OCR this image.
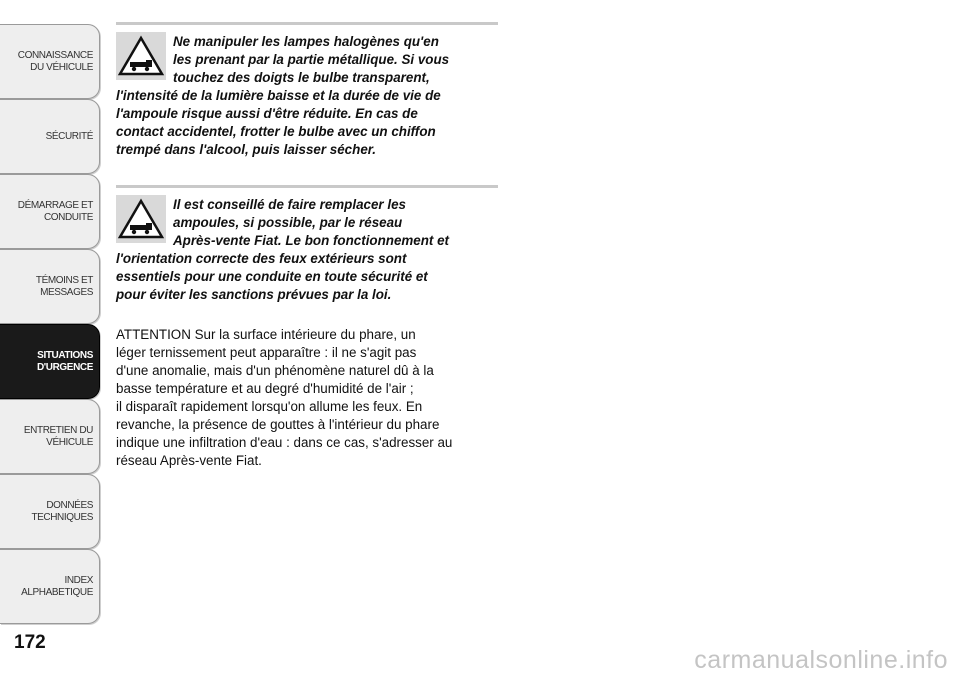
CONNAISSANCE
DU VÉHICULE
SÉCURITÉ
DÉMARRAGE ET
CONDUITE
TÉMOINS ET
MESSAGES
SITUATIONS
D'URGENCE
ENTRETIEN DU
VÉHICULE
DONNÉES
TECHNIQUES
INDEX
ALPHABETIQUE
172

Ne manipuler les lampes halogènes qu'en
les prenant par la partie métallique. Si vous
touchez des doigts le bulbe transparent,
l'intensité de la lumière baisse et la durée de vie de
l'ampoule risque aussi d'être réduite. En cas de
contact accidentel, frotter le bulbe avec un chiffon
trempé dans l'alcool, puis laisser sécher.

Il est conseillé de faire remplacer les
ampoules, si possible, par le réseau
Après-vente Fiat. Le bon fonctionnement et
l'orientation correcte des feux extérieurs sont
essentiels pour une conduite en toute sécurité et
pour éviter les sanctions prévues par la loi.

ATTENTION Sur la surface intérieure du phare, un
léger ternissement peut apparaître : il ne s'agit pas
d'une anomalie, mais d'un phénomène naturel dû à la
basse température et au degré d'humidité de l'air ;
il disparaît rapidement lorsqu'on allume les feux. En
revanche, la présence de gouttes à l'intérieur du phare
indique une infiltration d'eau : dans ce cas, s'adresser au
réseau Après-vente Fiat.
carmanualsonline.info
